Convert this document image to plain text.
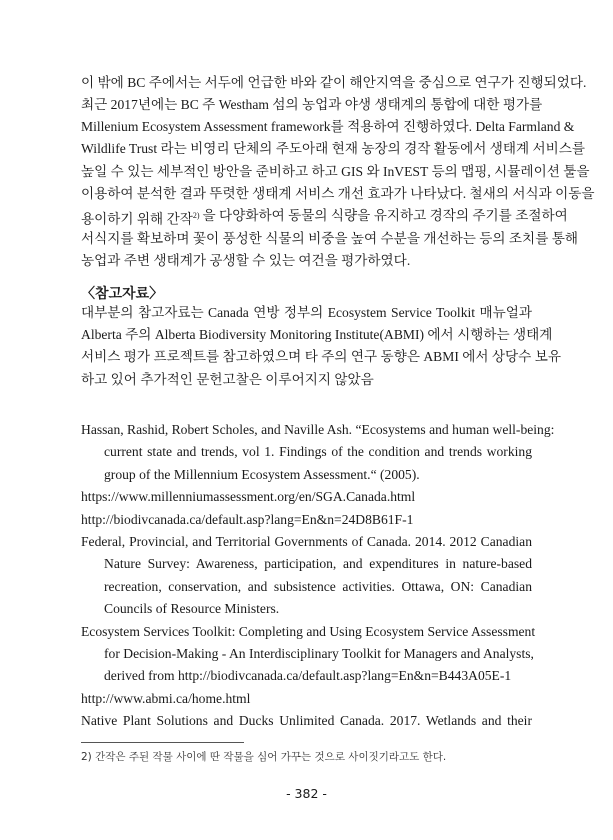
이 밖에 BC 주에서는 서두에 언급한 바와 같이 해안지역을 중심으로 연구가 진행되었다.
최근 2017년에는 BC 주 Westham 섬의 농업과 야생 생태계의 통합에 대한 평가를
Millenium Ecosystem Assessment framework를 적용하여 진행하였다. Delta Farmland &
Wildlife Trust 라는 비영리 단체의 주도아래 현재 농장의 경작 활동에서 생태계 서비스를
높일 수 있는 세부적인 방안을 준비하고 하고 GIS 와 InVEST 등의 맵핑, 시뮬레이션 툴을
이용하여 분석한 결과 뚜렷한 생태계 서비스 개선 효과가 나타났다. 철새의 서식과 이동을
용이하기 위해 간작$^{2)}$ 을 다양화하여 동물의 식량을 유지하고 경작의 주기를 조절하여
서식지를 확보하며 꽃이 풍성한 식물의 비중을 높여 수분을 개선하는 등의 조치를 통해
농업과 주변 생태계가 공생할 수 있는 여건을 평가하였다.
〈참고자료〉
대부분의 참고자료는 Canada 연방 정부의 Ecosystem Service Toolkit 매뉴얼과
Alberta 주의 Alberta Biodiversity Monitoring Institute(ABMI) 에서 시행하는 생태계
서비스 평가 프로젝트를 참고하였으며 타 주의 연구 동향은 ABMI 에서 상당수 보유
하고 있어 추가적인 문헌고찰은 이루어지지 않았음
Hassan, Rashid, Robert Scholes, and Naville Ash. “Ecosystems and human well-being:
current state and trends, vol 1. Findings of the condition and trends working
group of the Millennium Ecosystem Assessment.“ (2005).
https://www.millenniumassessment.org/en/SGA.Canada.html
http://biodivcanada.ca/default.asp?lang=En&n=24D8B61F-1
Federal, Provincial, and Territorial Governments of Canada. 2014. 2012 Canadian
Nature Survey: Awareness, participation, and expenditures in nature-based
recreation, conservation, and subsistence activities. Ottawa, ON: Canadian
Councils of Resource Ministers.
Ecosystem Services Toolkit: Completing and Using Ecosystem Service Assessment
for Decision-Making - An Interdisciplinary Toolkit for Managers and Analysts,
derived from http://biodivcanada.ca/default.asp?lang=En&n=B443A05E-1
http://www.abmi.ca/home.html
Native Plant Solutions and Ducks Unlimited Canada. 2017. Wetlands and their
2) 간작은 주된 작물 사이에 딴 작물을 심어 가꾸는 것으로 사이짓기라고도 한다.
- 382 -
